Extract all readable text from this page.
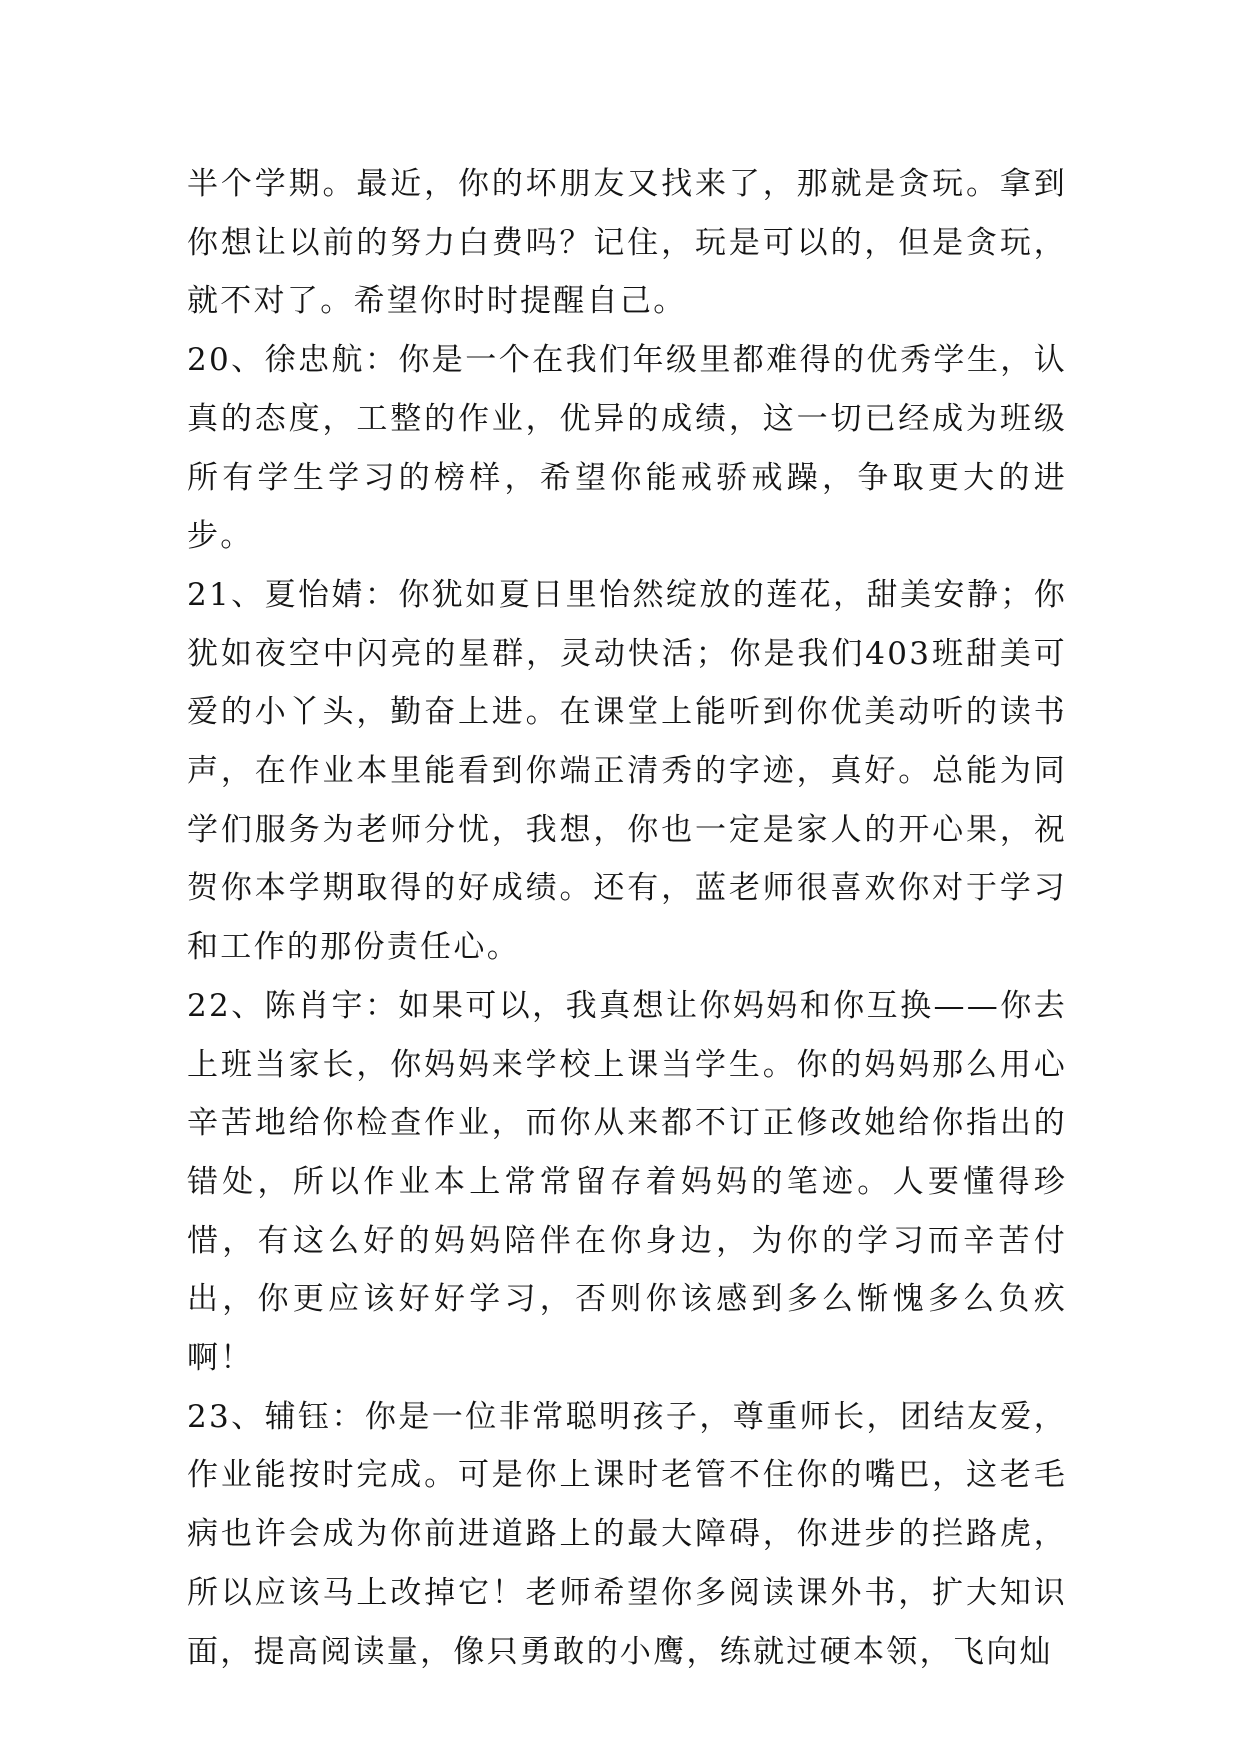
半个学期。最近，你的坏朋友又找来了，那就是贪玩。拿到你想让以前的努力白费吗？记住，玩是可以的，但是贪玩，就不对了。希望你时时提醒自己。

20、徐忠航：你是一个在我们年级里都难得的优秀学生，认真的态度，工整的作业，优异的成绩，这一切已经成为班级所有学生学习的榜样，希望你能戒骄戒躁，争取更大的进步。

21、夏怡婧：你犹如夏日里怡然绽放的莲花，甜美安静；你犹如夜空中闪亮的星群，灵动快活；你是我们403班甜美可爱的小丫头，勤奋上进。在课堂上能听到你优美动听的读书声，在作业本里能看到你端正清秀的字迹，真好。总能为同学们服务为老师分忧，我想，你也一定是家人的开心果，祝贺你本学期取得的好成绩。还有，蓝老师很喜欢你对于学习和工作的那份责任心。

22、陈肖宇：如果可以，我真想让你妈妈和你互换——你去上班当家长，你妈妈来学校上课当学生。你的妈妈那么用心辛苦地给你检查作业，而你从来都不订正修改她给你指出的错处，所以作业本上常常留存着妈妈的笔迹。人要懂得珍惜，有这么好的妈妈陪伴在你身边，为你的学习而辛苦付出，你更应该好好学习，否则你该感到多么惭愧多么负疚啊！

23、辅钰：你是一位非常聪明孩子，尊重师长，团结友爱，作业能按时完成。可是你上课时老管不住你的嘴巴，这老毛病也许会成为你前进道路上的最大障碍，你进步的拦路虎，所以应该马上改掉它！老师希望你多阅读课外书，扩大知识面，提高阅读量，像只勇敢的小鹰，练就过硬本领，飞向灿
